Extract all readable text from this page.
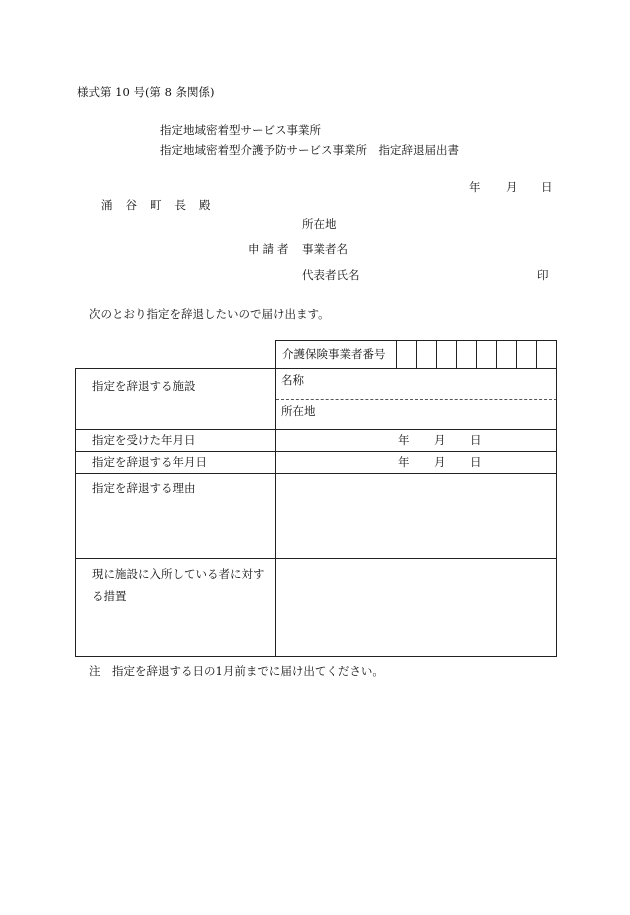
様式第 10 号(第 8 条関係)
指定地域密着型サービス事業所
指定地域密着型介護予防サービス事業所　指定辞退届出書
年 月 日
涌谷町長殿
所在地
申請者 事業者名
代表者氏名	印
次のとおり指定を辞退したいので届け出ます。
介護保険事業者番号
指定を辞退する施設	名称
所在地
指定を受けた年月日	年 月 日
指定を辞退する年月日	年 月 日
指定を辞退する理由
現に施設に入所している者に対する措置
注　指定を辞退する日の1月前までに届け出てください。
